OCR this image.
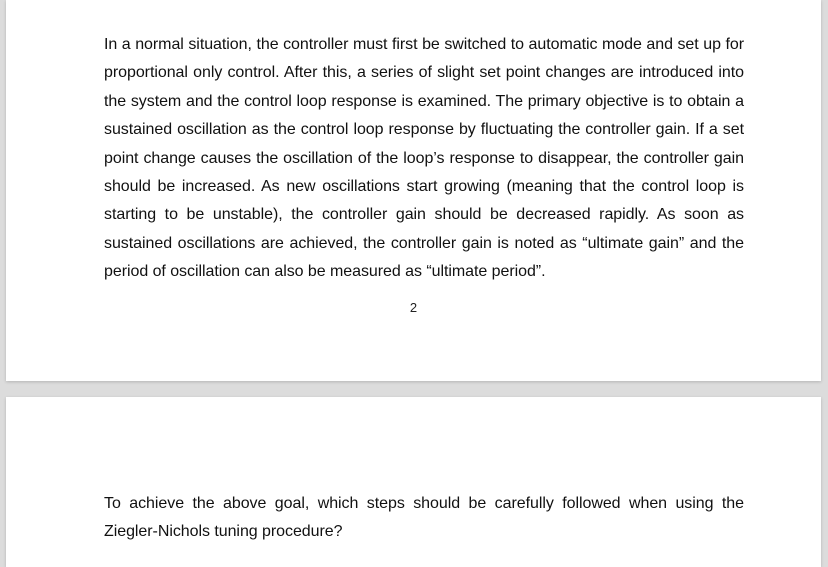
In a normal situation, the controller must first be switched to automatic mode and set up for proportional only control. After this, a series of slight set point changes are introduced into the system and the control loop response is examined. The primary objective is to obtain a sustained oscillation as the control loop response by fluctuating the controller gain. If a set point change causes the oscillation of the loop’s response to disappear, the controller gain should be increased. As new oscillations start growing (meaning that the control loop is starting to be unstable), the controller gain should be decreased rapidly. As soon as sustained oscillations are achieved, the controller gain is noted as “ultimate gain” and the period of oscillation can also be measured as “ultimate period”.

2

To achieve the above goal, which steps should be carefully followed when using the Ziegler-Nichols tuning procedure?
